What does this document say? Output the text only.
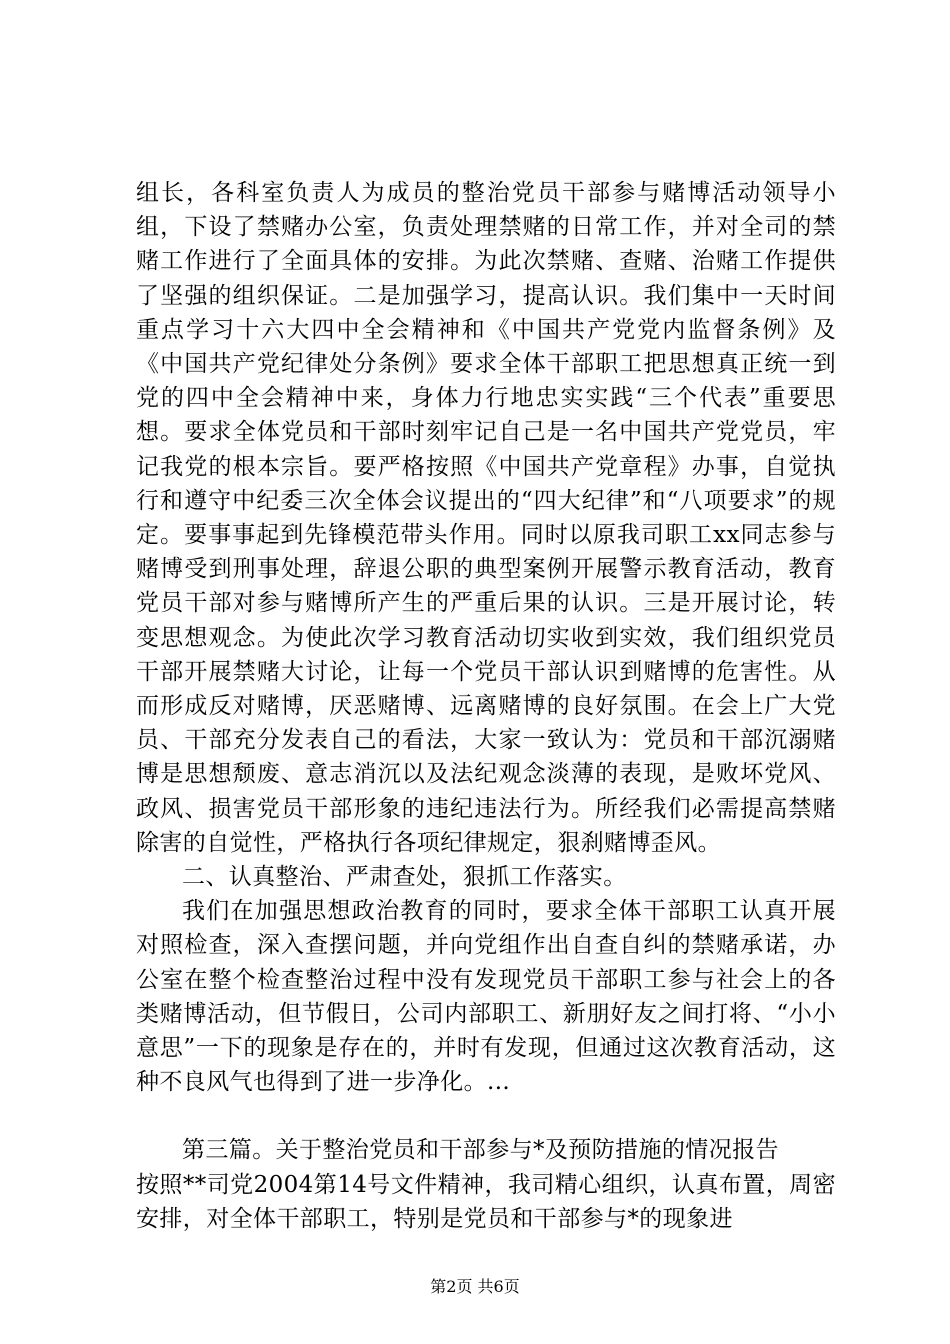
组长，各科室负责人为成员的整治党员干部参与赌博活动领导小组，下设了禁赌办公室，负责处理禁赌的日常工作，并对全司的禁赌工作进行了全面具体的安排。为此次禁赌、查赌、治赌工作提供了坚强的组织保证。二是加强学习，提高认识。我们集中一天时间重点学习十六大四中全会精神和《中国共产党党内监督条例》及《中国共产党纪律处分条例》要求全体干部职工把思想真正统一到党的四中全会精神中来，身体力行地忠实实践“三个代表”重要思想。要求全体党员和干部时刻牢记自己是一名中国共产党党员，牢记我党的根本宗旨。要严格按照《中国共产党章程》办事，自觉执行和遵守中纪委三次全体会议提出的“四大纪律”和“八项要求”的规定。要事事起到先锋模范带头作用。同时以原我司职工xx同志参与赌博受到刑事处理，辞退公职的典型案例开展警示教育活动，教育党员干部对参与赌博所产生的严重后果的认识。三是开展讨论，转变思想观念。为使此次学习教育活动切实收到实效，我们组织党员干部开展禁赌大讨论，让每一个党员干部认识到赌博的危害性。从而形成反对赌博，厌恶赌博、远离赌博的良好氛围。在会上广大党员、干部充分发表自己的看法，大家一致认为：党员和干部沉溺赌博是思想颓废、意志消沉以及法纪观念淡薄的表现，是败坏党风、政风、损害党员干部形象的违纪违法行为。所经我们必需提高禁赌除害的自觉性，严格执行各项纪律规定，狠刹赌博歪风。

二、认真整治、严肃查处，狠抓工作落实。

我们在加强思想政治教育的同时，要求全体干部职工认真开展对照检查，深入查摆问题，并向党组作出自查自纠的禁赌承诺，办公室在整个检查整治过程中没有发现党员干部职工参与社会上的各类赌博活动，但节假日，公司内部职工、新朋好友之间打将、“小小意思”一下的现象是存在的，并时有发现，但通过这次教育活动，这种不良风气也得到了进一步净化。...

第三篇。关于整治党员和干部参与*及预防措施的情况报告

按照**司党2004第14号文件精神，我司精心组织，认真布置，周密安排，对全体干部职工，特别是党员和干部参与*的现象进

第2页 共6页
